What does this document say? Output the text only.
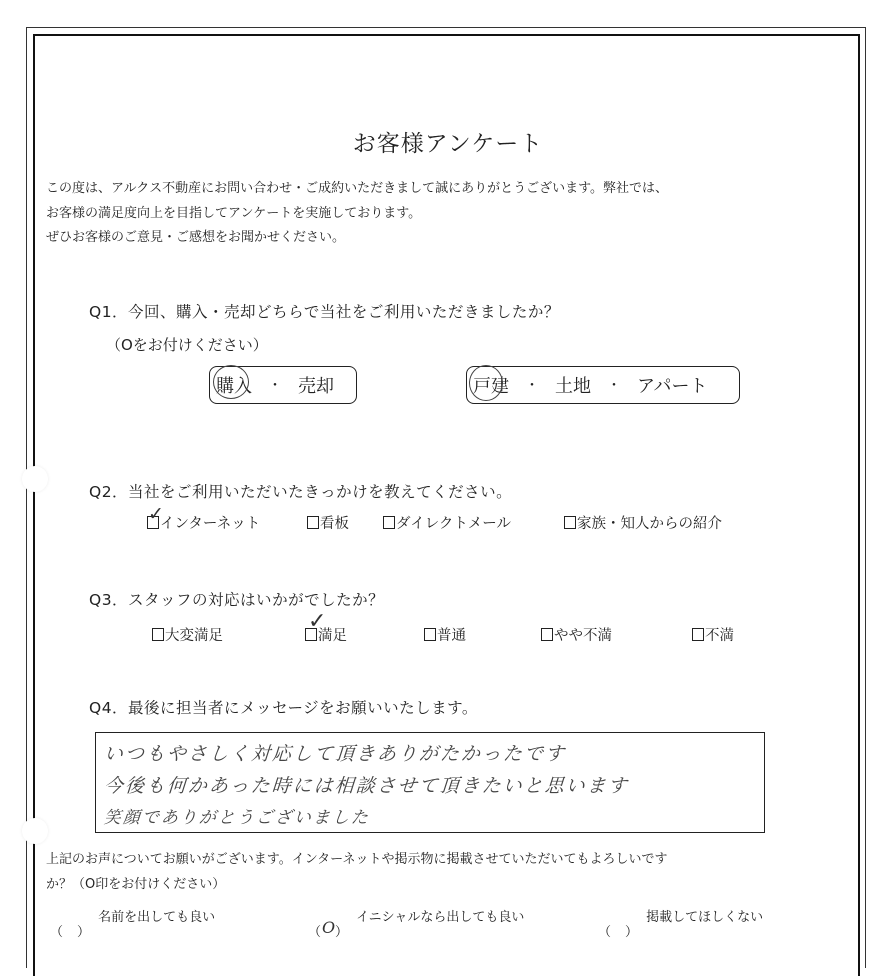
お客様アンケート
この度は、アルクス不動産にお問い合わせ・ご成約いただきまして誠にありがとうございます。弊社では、
お客様の満足度向上を目指してアンケートを実施しております。
ぜひお客様のご意見・ご感想をお聞かせください。
Q1．今回、購入・売却どちらで当社をご利用いただきましたか？
（Oをお付けください）
購入 ・ 売却	戸建 ・ 土地 ・ アパート
Q2．当社をご利用いただいたきっかけを教えてください。
インターネット
✓	看板	ダイレクトメール	家族・知人からの紹介
Q3．スタッフの対応はいかがでしたか？
大変満足	満足
✓
普通	やや不満	不満
Q4．最後に担当者にメッセージをお願いいたします。
いつもやさしく対応して頂きありがたかったです
今後も何かあった時には相談させて頂きたいと思います
笑顔でありがとうございました
上記のお声についてお願いがございます。インターネットや掲示物に掲載させていただいてもよろしいです
か？（O印をお付けください）
（ ）
名前を出しても良い
（ O ）
イニシャルなら出しても良い
（ ）
掲載してほしくない
